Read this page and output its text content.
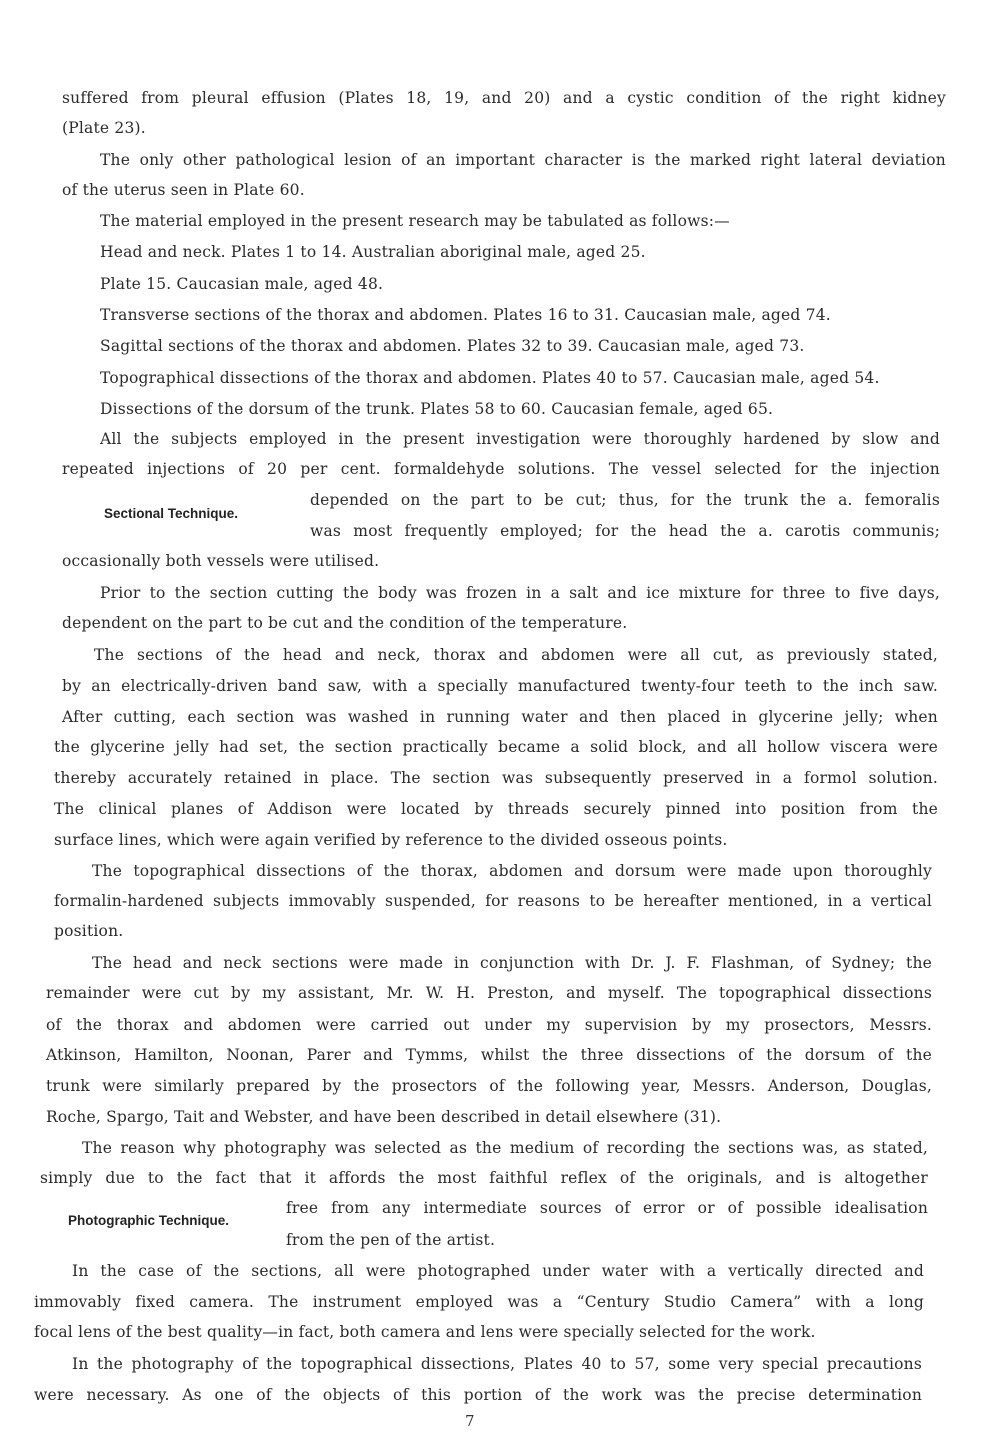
suffered from pleural effusion (Plates 18, 19, and 20) and a cystic condition of the right kidney
(Plate 23).
The only other pathological lesion of an important character is the marked right lateral deviation
of the uterus seen in Plate 60.
The material employed in the present research may be tabulated as follows:—
Head and neck. Plates 1 to 14. Australian aboriginal male, aged 25.
Plate 15. Caucasian male, aged 48.
Transverse sections of the thorax and abdomen. Plates 16 to 31. Caucasian male, aged 74.
Sagittal sections of the thorax and abdomen. Plates 32 to 39. Caucasian male, aged 73.
Topographical dissections of the thorax and abdomen. Plates 40 to 57. Caucasian male, aged 54.
Dissections of the dorsum of the trunk. Plates 58 to 60. Caucasian female, aged 65.
All the subjects employed in the present investigation were thoroughly hardened by slow and
repeated injections of 20 per cent. formaldehyde solutions. The vessel selected for the injection
Sectional Technique.
depended on the part to be cut; thus, for the trunk the a. femoralis
was most frequently employed; for the head the a. carotis communis;
occasionally both vessels were utilised.
Prior to the section cutting the body was frozen in a salt and ice mixture for three to five days,
dependent on the part to be cut and the condition of the temperature.
The sections of the head and neck, thorax and abdomen were all cut, as previously stated,
by an electrically-driven band saw, with a specially manufactured twenty-four teeth to the inch saw.
After cutting, each section was washed in running water and then placed in glycerine jelly; when
the glycerine jelly had set, the section practically became a solid block, and all hollow viscera were
thereby accurately retained in place. The section was subsequently preserved in a formol solution.
The clinical planes of Addison were located by threads securely pinned into position from the
surface lines, which were again verified by reference to the divided osseous points.
The topographical dissections of the thorax, abdomen and dorsum were made upon thoroughly
formalin-hardened subjects immovably suspended, for reasons to be hereafter mentioned, in a vertical
position.
The head and neck sections were made in conjunction with Dr. J. F. Flashman, of Sydney; the
remainder were cut by my assistant, Mr. W. H. Preston, and myself. The topographical dissections
of the thorax and abdomen were carried out under my supervision by my prosectors, Messrs.
Atkinson, Hamilton, Noonan, Parer and Tymms, whilst the three dissections of the dorsum of the
trunk were similarly prepared by the prosectors of the following year, Messrs. Anderson, Douglas,
Roche, Spargo, Tait and Webster, and have been described in detail elsewhere (31).
The reason why photography was selected as the medium of recording the sections was, as stated,
simply due to the fact that it affords the most faithful reflex of the originals, and is altogether
Photographic Technique.
free from any intermediate sources of error or of possible idealisation
from the pen of the artist.
In the case of the sections, all were photographed under water with a vertically directed and
immovably fixed camera. The instrument employed was a “Century Studio Camera” with a long
focal lens of the best quality—in fact, both camera and lens were specially selected for the work.
In the photography of the topographical dissections, Plates 40 to 57, some very special precautions
were necessary. As one of the objects of this portion of the work was the precise determination
7
